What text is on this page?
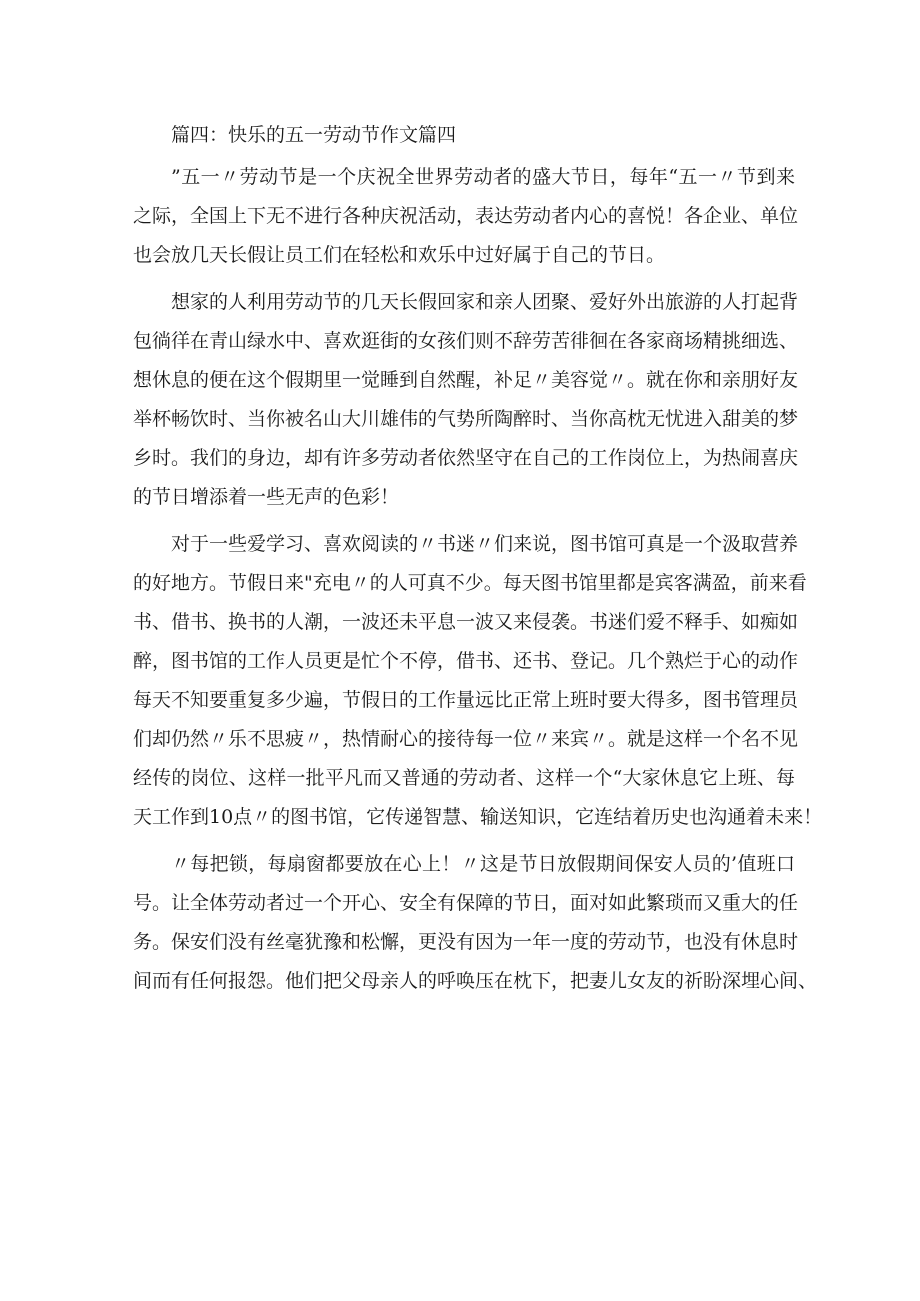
篇四：快乐的五一劳动节作文篇四
”五一〃劳动节是一个庆祝全世界劳动者的盛大节日，每年“五一〃节到来
之际，全国上下无不进行各种庆祝活动，表达劳动者内心的喜悦！各企业、单位
也会放几天长假让员工们在轻松和欢乐中过好属于自己的节日。
想家的人利用劳动节的几天长假回家和亲人团聚、爱好外出旅游的人打起背
包徜徉在青山绿水中、喜欢逛街的女孩们则不辞劳苦徘徊在各家商场精挑细选、
想休息的便在这个假期里一觉睡到自然醒，补足〃美容觉〃。就在你和亲朋好友
举杯畅饮时、当你被名山大川雄伟的气势所陶醉时、当你高枕无忧进入甜美的梦
乡时。我们的身边，却有许多劳动者依然坚守在自己的工作岗位上，为热闹喜庆
的节日增添着一些无声的色彩！
对于一些爱学习、喜欢阅读的〃书迷〃们来说，图书馆可真是一个汲取营养
的好地方。节假日来"充电〃的人可真不少。每天图书馆里都是宾客满盈，前来看
书、借书、换书的人潮，一波还未平息一波又来侵袭。书迷们爱不释手、如痴如
醉，图书馆的工作人员更是忙个不停，借书、还书、登记。几个熟烂于心的动作
每天不知要重复多少遍，节假日的工作量远比正常上班时要大得多，图书管理员
们却仍然〃乐不思疲〃，热情耐心的接待每一位〃来宾〃。就是这样一个名不见
经传的岗位、这样一批平凡而又普通的劳动者、这样一个“大家休息它上班、每
天工作到10点〃的图书馆，它传递智慧、输送知识，它连结着历史也沟通着未来！
〃每把锁，每扇窗都要放在心上！〃这是节日放假期间保安人员的’值班口
号。让全体劳动者过一个开心、安全有保障的节日，面对如此繁琐而又重大的任
务。保安们没有丝毫犹豫和松懈，更没有因为一年一度的劳动节，也没有休息时
间而有任何报怨。他们把父母亲人的呼唤压在枕下，把妻儿女友的祈盼深埋心间、
